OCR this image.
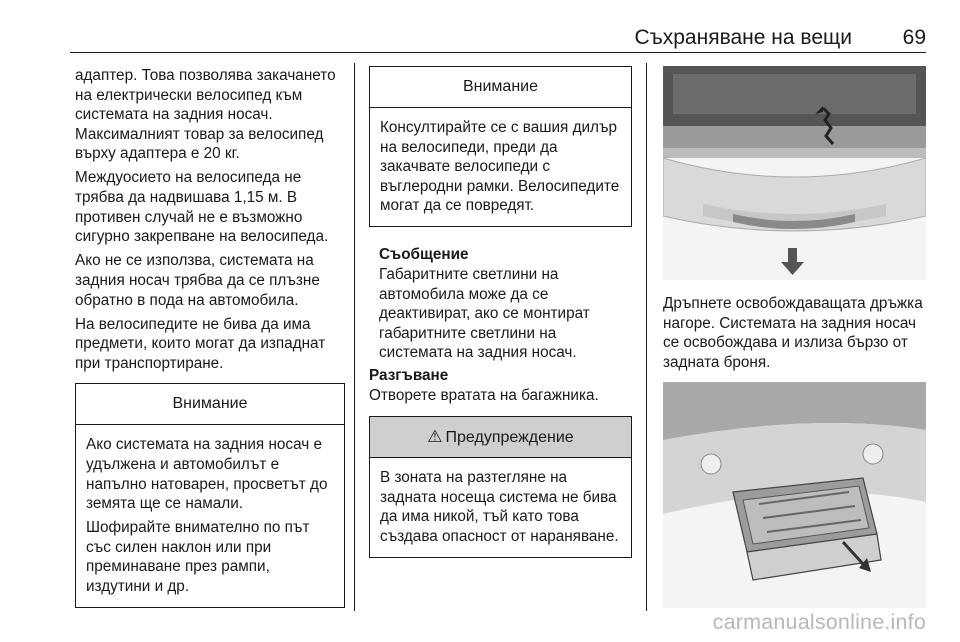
Съхраняване на вещи 69

адаптер. Това позволява закачането на електрически велосипед към системата на задния носач. Максималният товар за велосипед върху адаптера е 20 кг.

Междуосието на велосипеда не трябва да надвишава 1,15 м. В противен случай не е възможно сигурно закрепване на велосипеда.

Ако не се използва, системата на задния носач трябва да се плъзне обратно в пода на автомобила.

На велосипедите не бива да има предмети, които могат да изпаднат при транспортиране.

Внимание

Ако системата на задния носач е удължена и автомобилът е напълно натоварен, просветът до земята ще се намали.

Шофирайте внимателно по път със силен наклон или при преминаване през рампи, издутини и др.

Внимание

Консултирайте се с вашия дилър на велосипеди, преди да закачвате велосипеди с въглеродни рамки. Велосипедите могат да се повредят.

Съобщение
Габаритните светлини на автомобила може да се деактивират, ако се монтират габаритните светлини на системата на задния носач.
Разгъване
Отворете вратата на багажника.
⚠ Предупреждение

В зоната на разтегляне на задната носеща система не бива да има никой, тъй като това създава опасност от нараняване.

Дръпнете освобождаващата дръжка нагоре. Системата на задния носач се освобождава и излиза бързо от задната броня.

carmanualsonline.info
